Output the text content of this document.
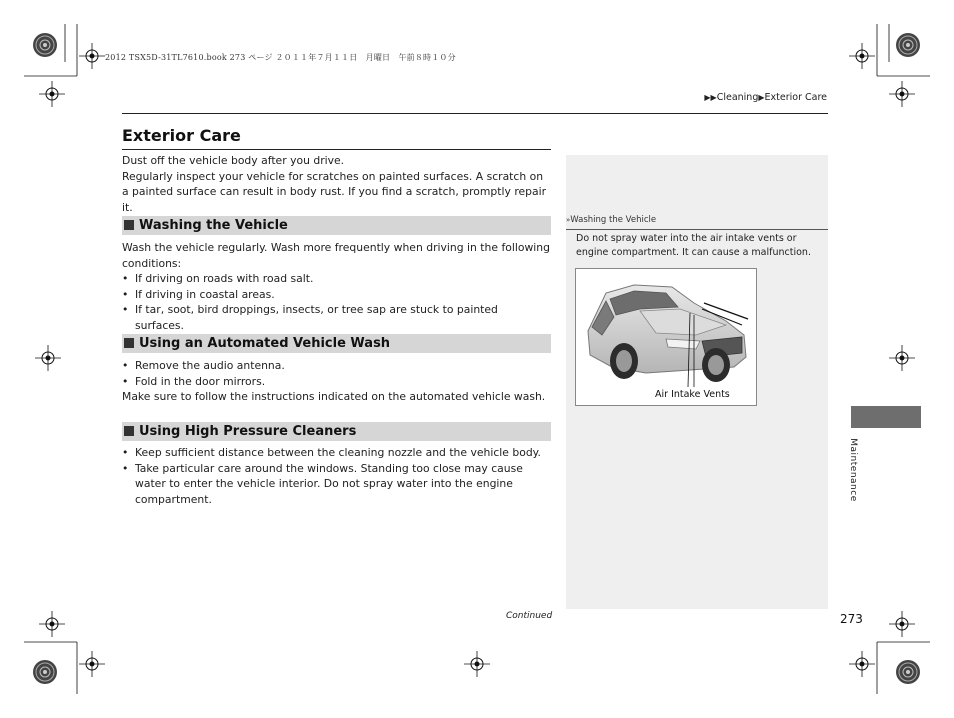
2012 TSX5D-31TL7610.book 273 ページ ２０１１年７月１１日　月曜日　午前８時１０分
▶▶Cleaning▶Exterior Care
Exterior Care
Dust off the vehicle body after you drive.
Regularly inspect your vehicle for scratches on painted surfaces. A scratch on a painted surface can result in body rust. If you find a scratch, promptly repair it.
Washing the Vehicle
Wash the vehicle regularly. Wash more frequently when driving in the following conditions:
• If driving on roads with road salt.
• If driving in coastal areas.
• If tar, soot, bird droppings, insects, or tree sap are stuck to painted surfaces.
Using an Automated Vehicle Wash
• Remove the audio antenna.
• Fold in the door mirrors.
Make sure to follow the instructions indicated on the automated vehicle wash.
Using High Pressure Cleaners
• Keep sufficient distance between the cleaning nozzle and the vehicle body.
• Take particular care around the windows. Standing too close may cause water to enter the vehicle interior. Do not spray water into the engine compartment.
»Washing the Vehicle
Do not spray water into the air intake vents or engine compartment. It can cause a malfunction.
Air Intake Vents
Continued	273
Maintenance
